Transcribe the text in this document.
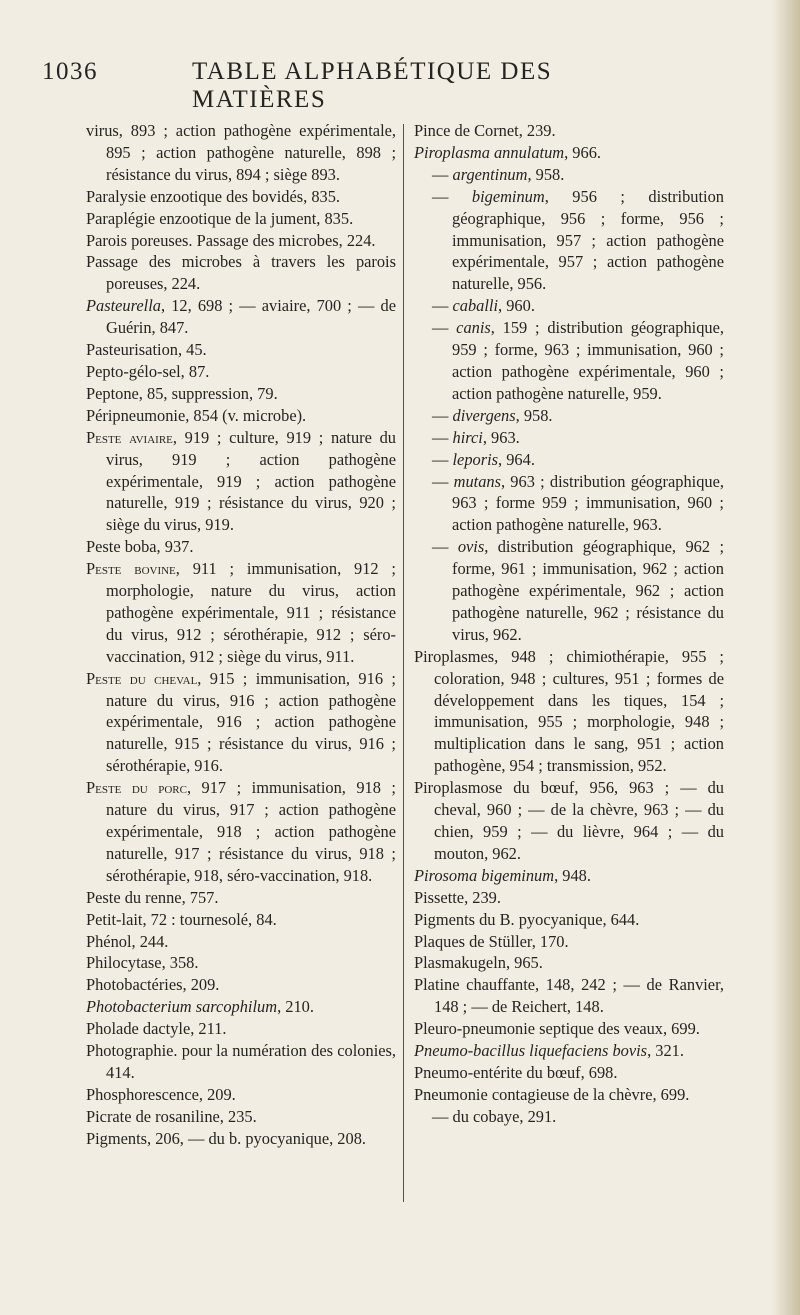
1036	TABLE ALPHABÉTIQUE DES MATIÈRES

virus, 893 ; action pathogène expérimentale, 895 ; action pathogène naturelle, 898 ; résistance du virus, 894 ; siège 893.

Paralysie enzootique des bovidés, 835.

Paraplégie enzootique de la jument, 835.

Parois poreuses. Passage des microbes, 224.

Passage des microbes à travers les parois poreuses, 224.

Pasteurella, 12, 698 ; — aviaire, 700 ; — de Guérin, 847.

Pasteurisation, 45.

Pepto-gélo-sel, 87.

Peptone, 85, suppression, 79.

Péripneumonie, 854 (v. microbe).

Peste aviaire, 919 ; culture, 919 ; nature du virus, 919 ; action pathogène expérimentale, 919 ; action pathogène naturelle, 919 ; résistance du virus, 920 ; siège du virus, 919.

Peste boba, 937.

Peste bovine, 911 ; immunisation, 912 ; morphologie, nature du virus, action pathogène expérimentale, 911 ; résistance du virus, 912 ; sérothérapie, 912 ; séro-vaccination, 912 ; siège du virus, 911.

Peste du cheval, 915 ; immunisation, 916 ; nature du virus, 916 ; action pathogène expérimentale, 916 ; action pathogène naturelle, 915 ; résistance du virus, 916 ; sérothérapie, 916.

Peste du porc, 917 ; immunisation, 918 ; nature du virus, 917 ; action pathogène expérimentale, 918 ; action pathogène naturelle, 917 ; résistance du virus, 918 ; sérothérapie, 918, séro-vaccination, 918.

Peste du renne, 757.

Petit-lait, 72 : tournesolé, 84.

Phénol, 244.

Philocytase, 358.

Photobactéries, 209.

Photobacterium sarcophilum, 210.

Pholade dactyle, 211.

Photographie. pour la numération des colonies, 414.

Phosphorescence, 209.

Picrate de rosaniline, 235.

Pigments, 206, — du b. pyocyanique, 208.

Pince de Cornet, 239.

Piroplasma annulatum, 966.

— argentinum, 958.

— bigeminum, 956 ; distribution géographique, 956 ; forme, 956 ; immunisation, 957 ; action pathogène expérimentale, 957 ; action pathogène naturelle, 956.

— caballi, 960.

— canis, 159 ; distribution géographique, 959 ; forme, 963 ; immunisation, 960 ; action pathogène expérimentale, 960 ; action pathogène naturelle, 959.

— divergens, 958.

— hirci, 963.

— leporis, 964.

— mutans, 963 ; distribution géographique, 963 ; forme 959 ; immunisation, 960 ; action pathogène naturelle, 963.

— ovis, distribution géographique, 962 ; forme, 961 ; immunisation, 962 ; action pathogène expérimentale, 962 ; action pathogène naturelle, 962 ; résistance du virus, 962.

Piroplasmes, 948 ; chimiothérapie, 955 ; coloration, 948 ; cultures, 951 ; formes de développement dans les tiques, 154 ; immunisation, 955 ; morphologie, 948 ; multiplication dans le sang, 951 ; action pathogène, 954 ; transmission, 952.

Piroplasmose du bœuf, 956, 963 ; — du cheval, 960 ; — de la chèvre, 963 ; — du chien, 959 ; — du lièvre, 964 ; — du mouton, 962.

Pirosoma bigeminum, 948.

Pissette, 239.

Pigments du B. pyocyanique, 644.

Plaques de Stüller, 170.

Plasmakugeln, 965.

Platine chauffante, 148, 242 ; — de Ranvier, 148 ; — de Reichert, 148.

Pleuro-pneumonie septique des veaux, 699.

Pneumo-bacillus liquefaciens bovis, 321.

Pneumo-entérite du bœuf, 698.

Pneumonie contagieuse de la chèvre, 699.

— du cobaye, 291.
